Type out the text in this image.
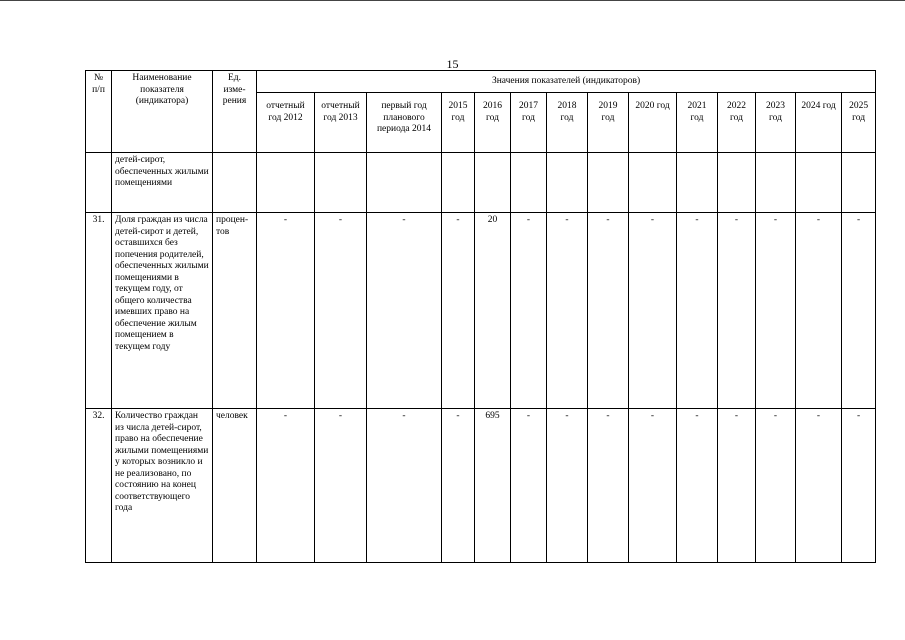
15
№ п/п	Наименование показателя (индикатора)	Ед. изме-рения	Значения показателей (индикаторов)													
			отчетный год 2012	отчетный год 2013	первый год планового периода 2014	2015 год	2016 год	2017 год	2018 год	2019 год	2020 год	2021 год	2022 год	2023 год	2024 год	2025 год
	детей-сирот, обеспеченных жилыми помещениями															
31.	Доля граждан из числа детей-сирот и детей, оставшихся без попечения родителей, обеспеченных жилыми помещениями в текущем году, от общего количества имевших право на обеспечение жилым помещением в текущем году	процен-тов	-	-	-	-	20	-	-	-	-	-	-	-	-	-
32.	Количество граждан из числа детей-сирот, право на обеспечение жилыми помещениями у которых возникло и не реализовано, по состоянию на конец соответствующего года	человек	-	-	-	-	695	-	-	-	-	-	-	-	-	-
